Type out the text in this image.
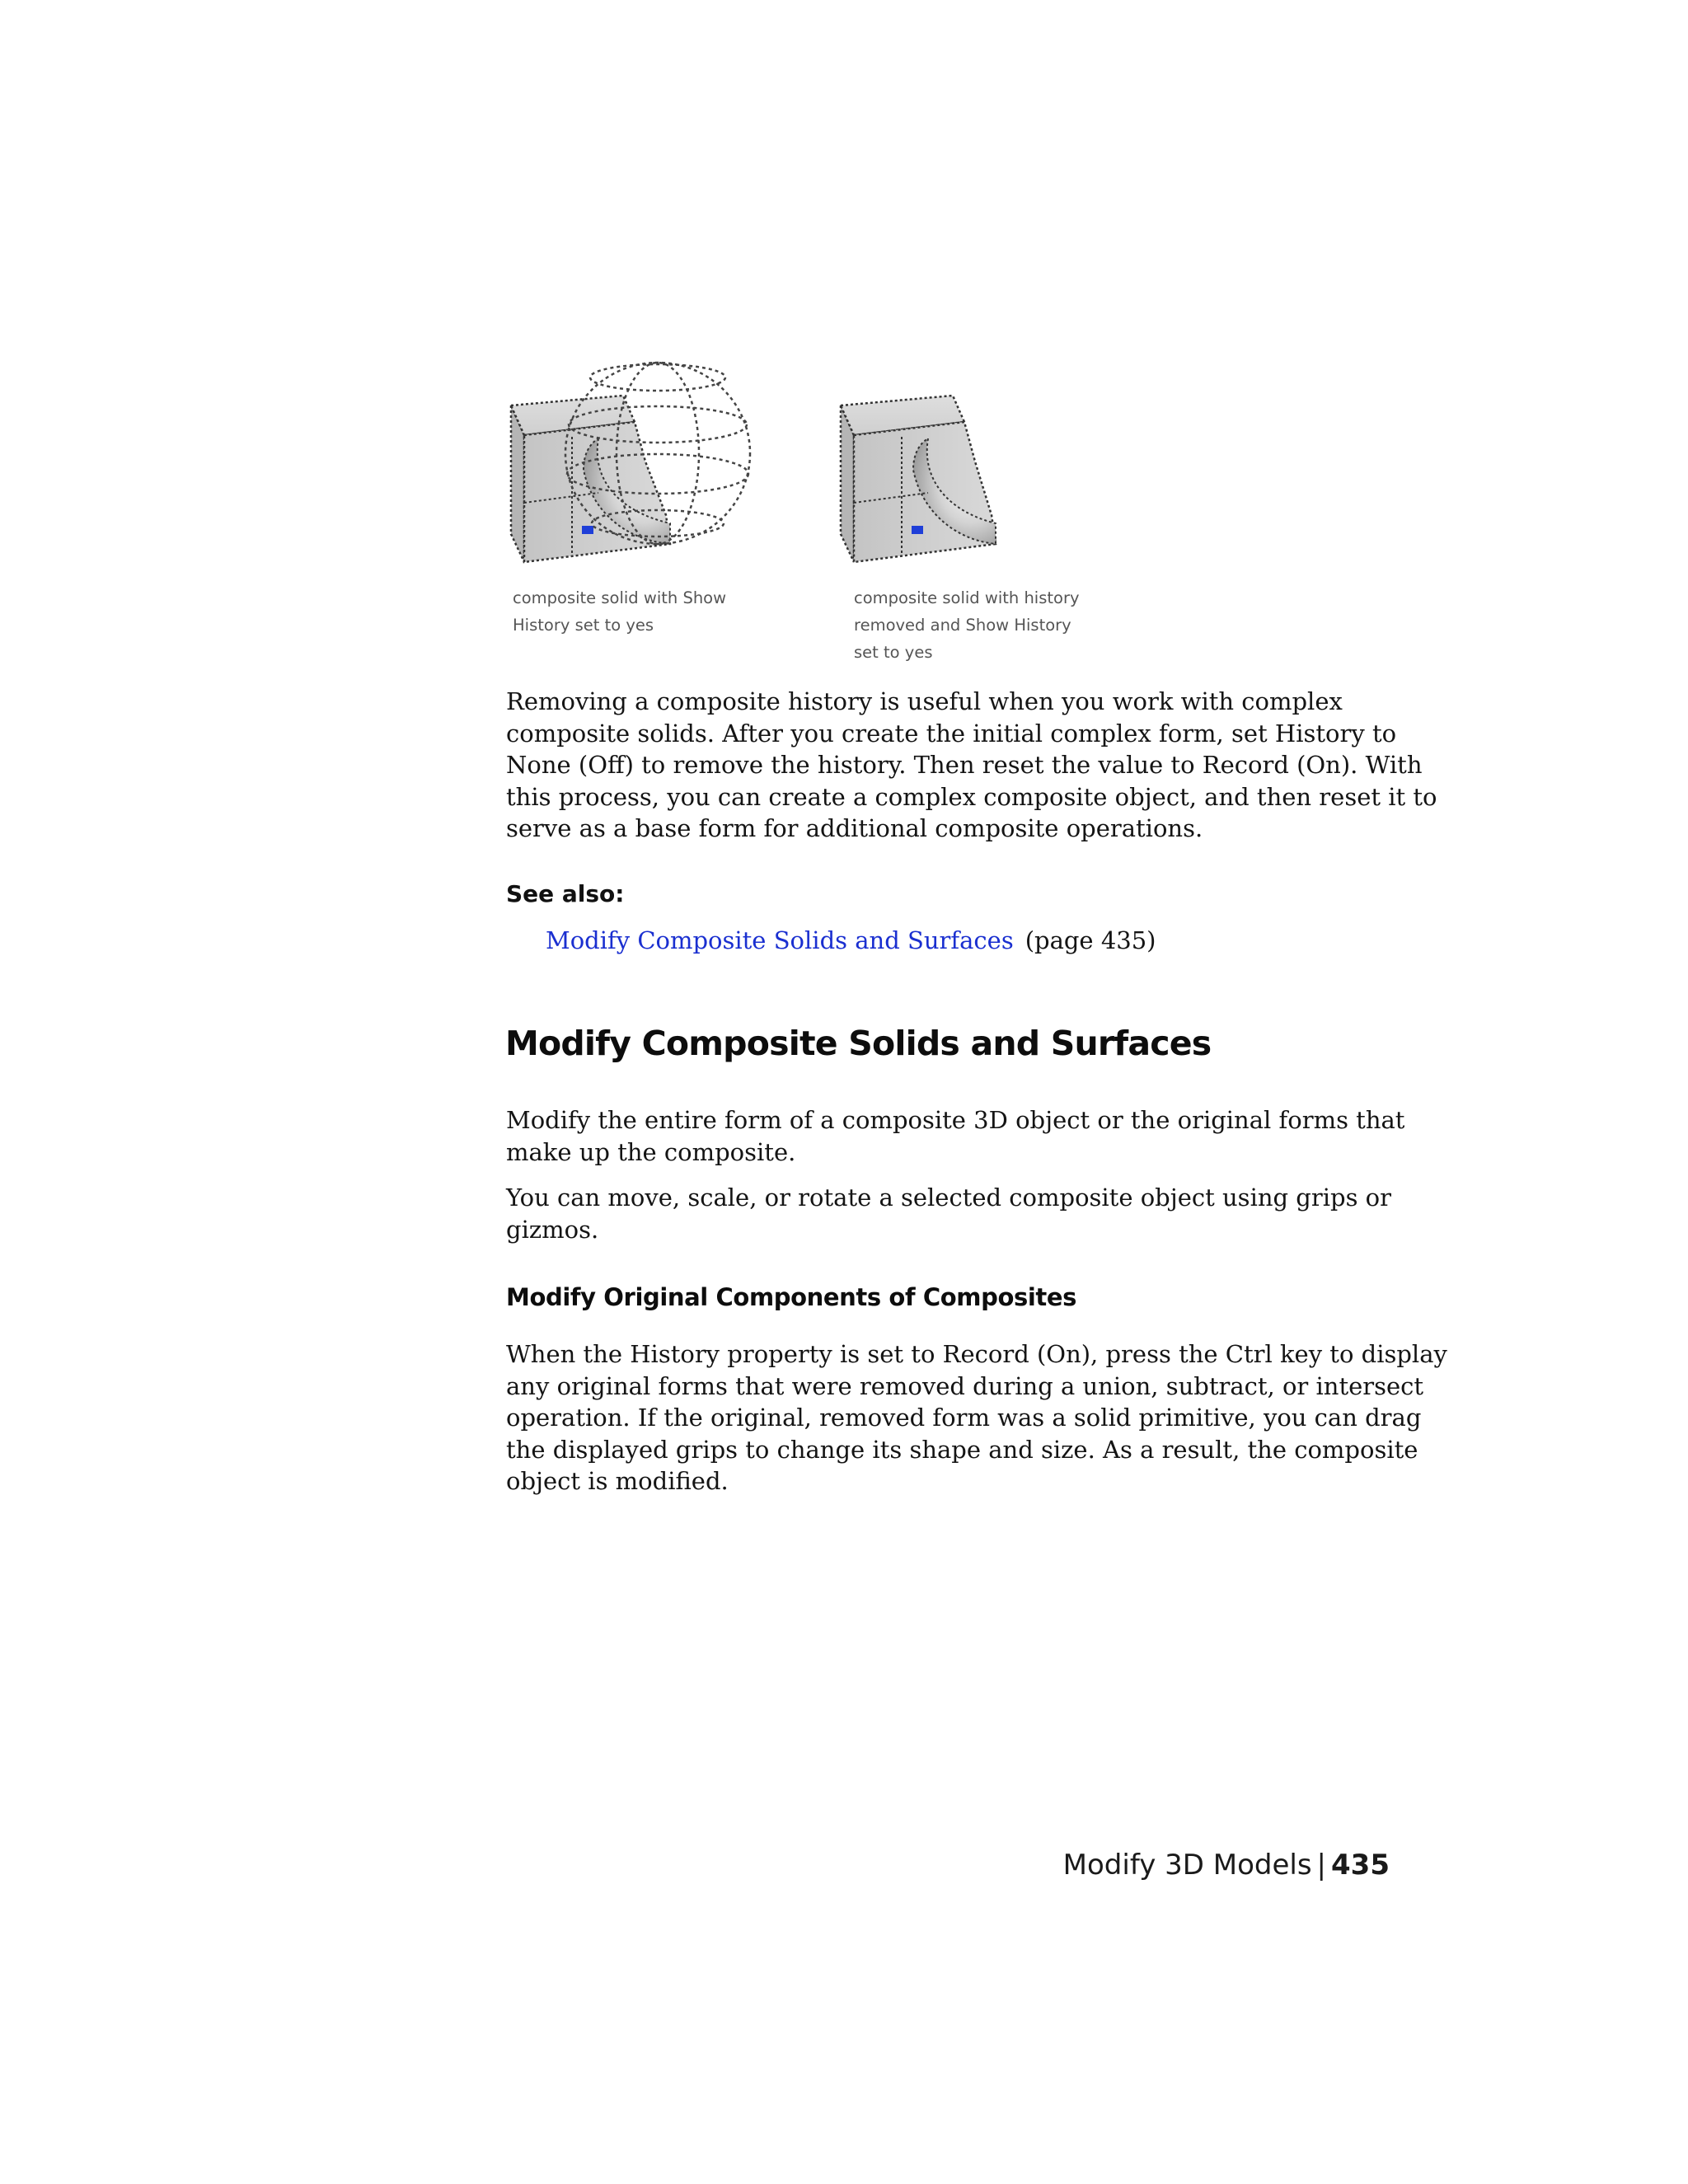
composite solid with Show
History set to yes
composite solid with history
removed and Show History
set to yes
Removing a composite history is useful when you work with complex
composite solids. After you create the initial complex form, set History to
None (Off) to remove the history. Then reset the value to Record (On). With
this process, you can create a complex composite object, and then reset it to
serve as a base form for additional composite operations.
See also:
Modify Composite Solids and Surfaces (page 435)
Modify Composite Solids and Surfaces
Modify the entire form of a composite 3D object or the original forms that
make up the composite.
You can move, scale, or rotate a selected composite object using grips or
gizmos.
Modify Original Components of Composites
When the History property is set to Record (On), press the Ctrl key to display
any original forms that were removed during a union, subtract, or intersect
operation. If the original, removed form was a solid primitive, you can drag
the displayed grips to change its shape and size. As a result, the composite
object is modified.
Modify 3D Models | 435
